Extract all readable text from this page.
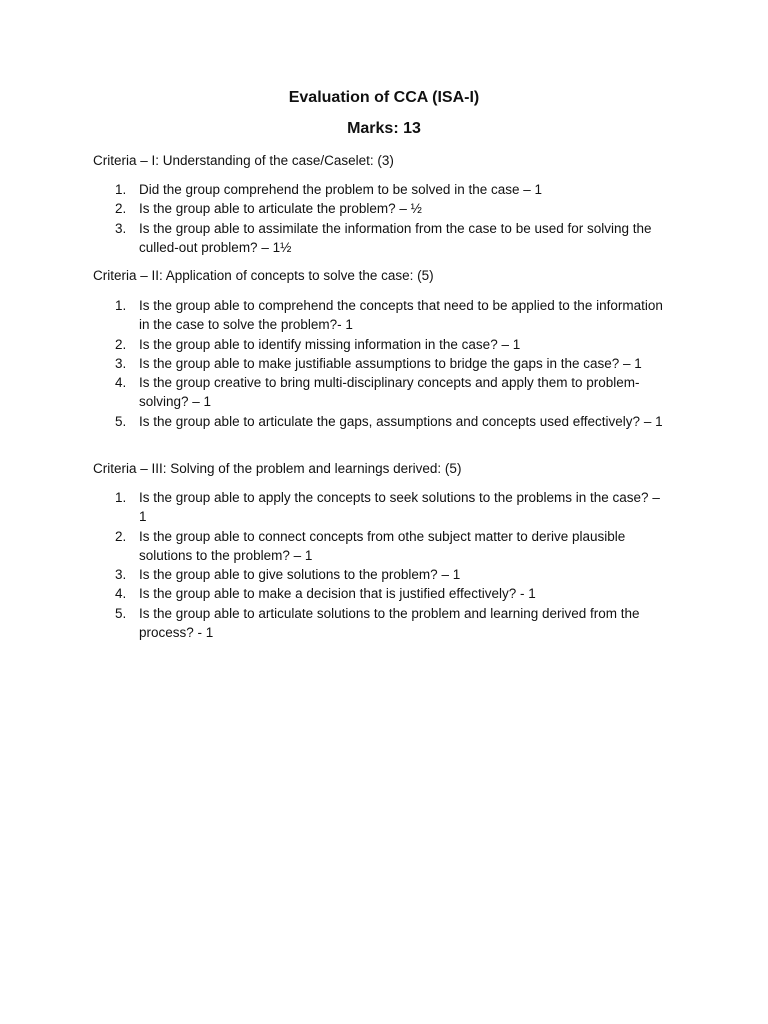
Evaluation of CCA (ISA-I)
Marks: 13
Criteria – I: Understanding of the case/Caselet: (3)
1. Did the group comprehend the problem to be solved in the case – 1
2. Is the group able to articulate the problem? – ½
3. Is the group able to assimilate the information from the case to be used for solving the culled-out problem? – 1½
Criteria – II: Application of concepts to solve the case: (5)
1. Is the group able to comprehend the concepts that need to be applied to the information in the case to solve the problem?- 1
2. Is the group able to identify missing information in the case? – 1
3. Is the group able to make justifiable assumptions to bridge the gaps in the case? – 1
4. Is the group creative to bring multi-disciplinary concepts and apply them to problem-solving? – 1
5. Is the group able to articulate the gaps, assumptions and concepts used effectively? – 1
Criteria – III: Solving of the problem and learnings derived: (5)
1. Is the group able to apply the concepts to seek solutions to the problems in the case? – 1
2. Is the group able to connect concepts from othe subject matter to derive plausible solutions to the problem? – 1
3. Is the group able to give solutions to the problem? – 1
4. Is the group able to make a decision that is justified effectively? - 1
5. Is the group able to articulate solutions to the problem and learning derived from the process? - 1
